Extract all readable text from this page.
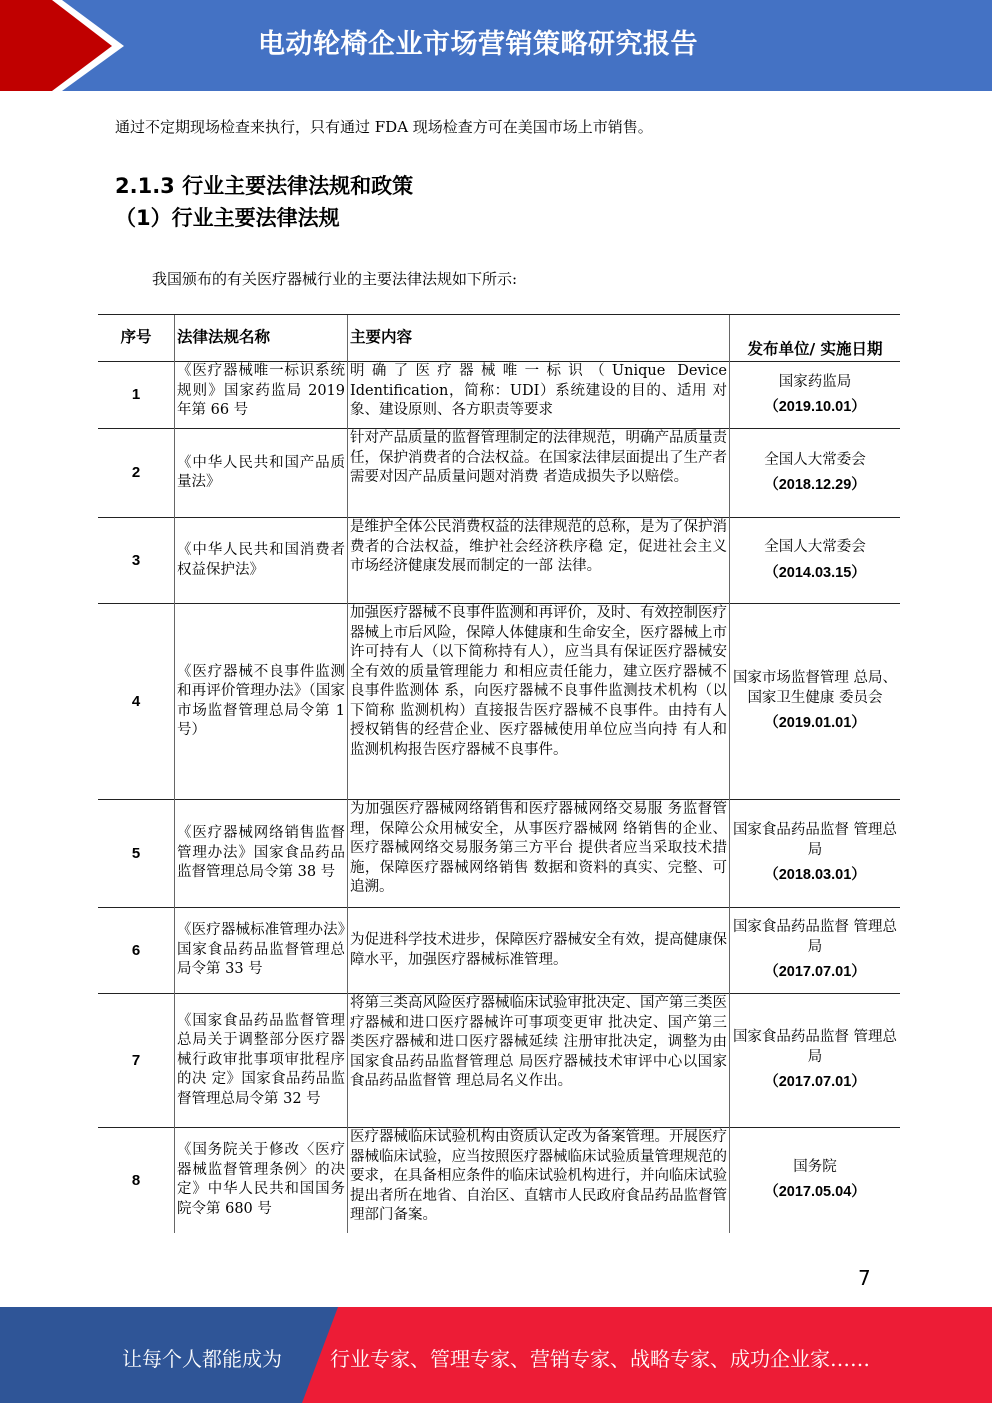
电动轮椅企业市场营销策略研究报告
通过不定期现场检查来执行，只有通过 FDA 现场检查方可在美国市场上市销售。
2.1.3 行业主要法律法规和政策
（1）行业主要法律法规
我国颁布的有关医疗器械行业的主要法律法规如下所示:
序号	法律法规名称	主要内容	发布单位/ 实施日期
1	《医疗器械唯一标识系统规则》国家药监局 2019 年第 66 号	明确了医疗器械唯一标识（Unique Device Identification，简称：UDI）系统建设的目的、适用 对象、建设原则、各方职责等要求	国家药监局
（2019.10.01）

2	《中华人民共和国产品质量法》	针对产品质量的监督管理制定的法律规范，明确产品质量责任，保护消费者的合法权益。在国家法律层面提出了生产者需要对因产品质量问题对消费 者造成损失予以赔偿。	全国人大常委会
（2018.12.29）

3	《中华人民共和国消费者权益保护法》	是维护全体公民消费权益的法律规范的总称，是为了保护消费者的合法权益，维护社会经济秩序稳 定，促进社会主义市场经济健康发展而制定的一部 法律。	全国人大常委会
（2014.03.15）

4	《医疗器械不良事件监测和再评价管理办法》（国家市场监督管理总局令第 1 号）	加强医疗器械不良事件监测和再评价，及时、有效控制医疗器械上市后风险，保障人体健康和生命安全，医疗器械上市许可持有人（以下简称持有人），应当具有保证医疗器械安全有效的质量管理能力 和相应责任能力，建立医疗器械不良事件监测体 系，向医疗器械不良事件监测技术机构（以下简称 监测机构）直接报告医疗器械不良事件。由持有人 授权销售的经营企业、医疗器械使用单位应当向持 有人和监测机构报告医疗器械不良事件。	国家市场监督管理 总局、国家卫生健康 委员会
（2019.01.01）

5	《医疗器械网络销售监督管理办法》国家食品药品监督管理总局令第 38 号	为加强医疗器械网络销售和医疗器械网络交易服 务监督管理，保障公众用械安全，从事医疗器械网 络销售的企业、医疗器械网络交易服务第三方平台 提供者应当采取技术措施，保障医疗器械网络销售 数据和资料的真实、完整、可追溯。	国家食品药品监督 管理总局
（2018.03.01）

6	《医疗器械标准管理办法》国家食品药品监督管理总局令第 33 号	为促进科学技术进步，保障医疗器械安全有效，提高健康保障水平，加强医疗器械标准管理。	国家食品药品监督 管理总局
（2017.07.01）

7	《国家食品药品监督管理总局关于调整部分医疗器械行政审批事项审批程序的决 定》国家食品药品监 督管理总局令第 32 号	将第三类高风险医疗器械临床试验审批决定、国产第三类医疗器械和进口医疗器械许可事项变更审 批决定、国产第三类医疗器械和进口医疗器械延续 注册审批决定，调整为由国家食品药品监督管理总 局医疗器械技术审评中心以国家食品药品监督管 理总局名义作出。	国家食品药品监督 管理总局
（2017.07.01）

8	《国务院关于修改〈医疗器械监督管理条例〉的决定》中华人民共和国国务院令第 680 号	医疗器械临床试验机构由资质认定改为备案管理。开展医疗器械临床试验，应当按照医疗器械临床试验质量管理规范的要求，在具备相应条件的临床试验机构进行，并向临床试验提出者所在地省、自治区、直辖市人民政府食品药品监督管理部门备案。	国务院
（2017.05.04）
7
让每个人都能成为 行业专家、管理专家、营销专家、战略专家、成功企业家……
